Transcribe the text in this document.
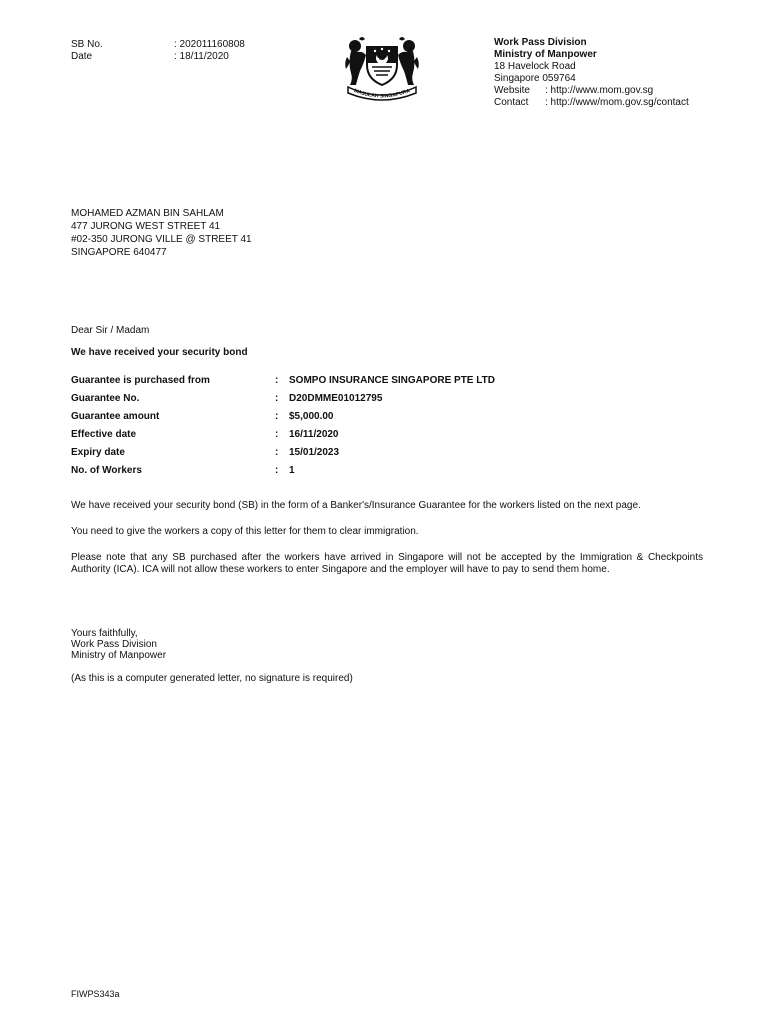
SB No.	: 202011160808
Date	: 18/11/2020
MAJULAH SINGAPURA
Work Pass Division
Ministry of Manpower
18 Havelock Road
Singapore 059764
Website	: http://www.mom.gov.sg
Contact	: http://www/mom.gov.sg/contact
MOHAMED AZMAN BIN SAHLAM
477 JURONG WEST STREET 41
#02-350 JURONG VILLE @ STREET 41
SINGAPORE 640477
Dear Sir / Madam
We have received your security bond
Guarantee is purchased from	:	SOMPO INSURANCE SINGAPORE PTE LTD
Guarantee No.	:	D20DMME01012795
Guarantee amount	:	$5,000.00
Effective date	:	16/11/2020
Expiry date	:	15/01/2023
No. of Workers	:	1
We have received your security bond (SB) in the form of a Banker's/Insurance Guarantee for the workers listed on the next page.
You need to give the workers a copy of this letter for them to clear immigration.
Please note that any SB purchased after the workers have arrived in Singapore will not be accepted by the Immigration & Checkpoints Authority (ICA). ICA will not allow these workers to enter Singapore and the employer will have to pay to send them home.
Yours faithfully,
Work Pass Division
Ministry of Manpower
(As this is a computer generated letter, no signature is required)
FIWPS343a
